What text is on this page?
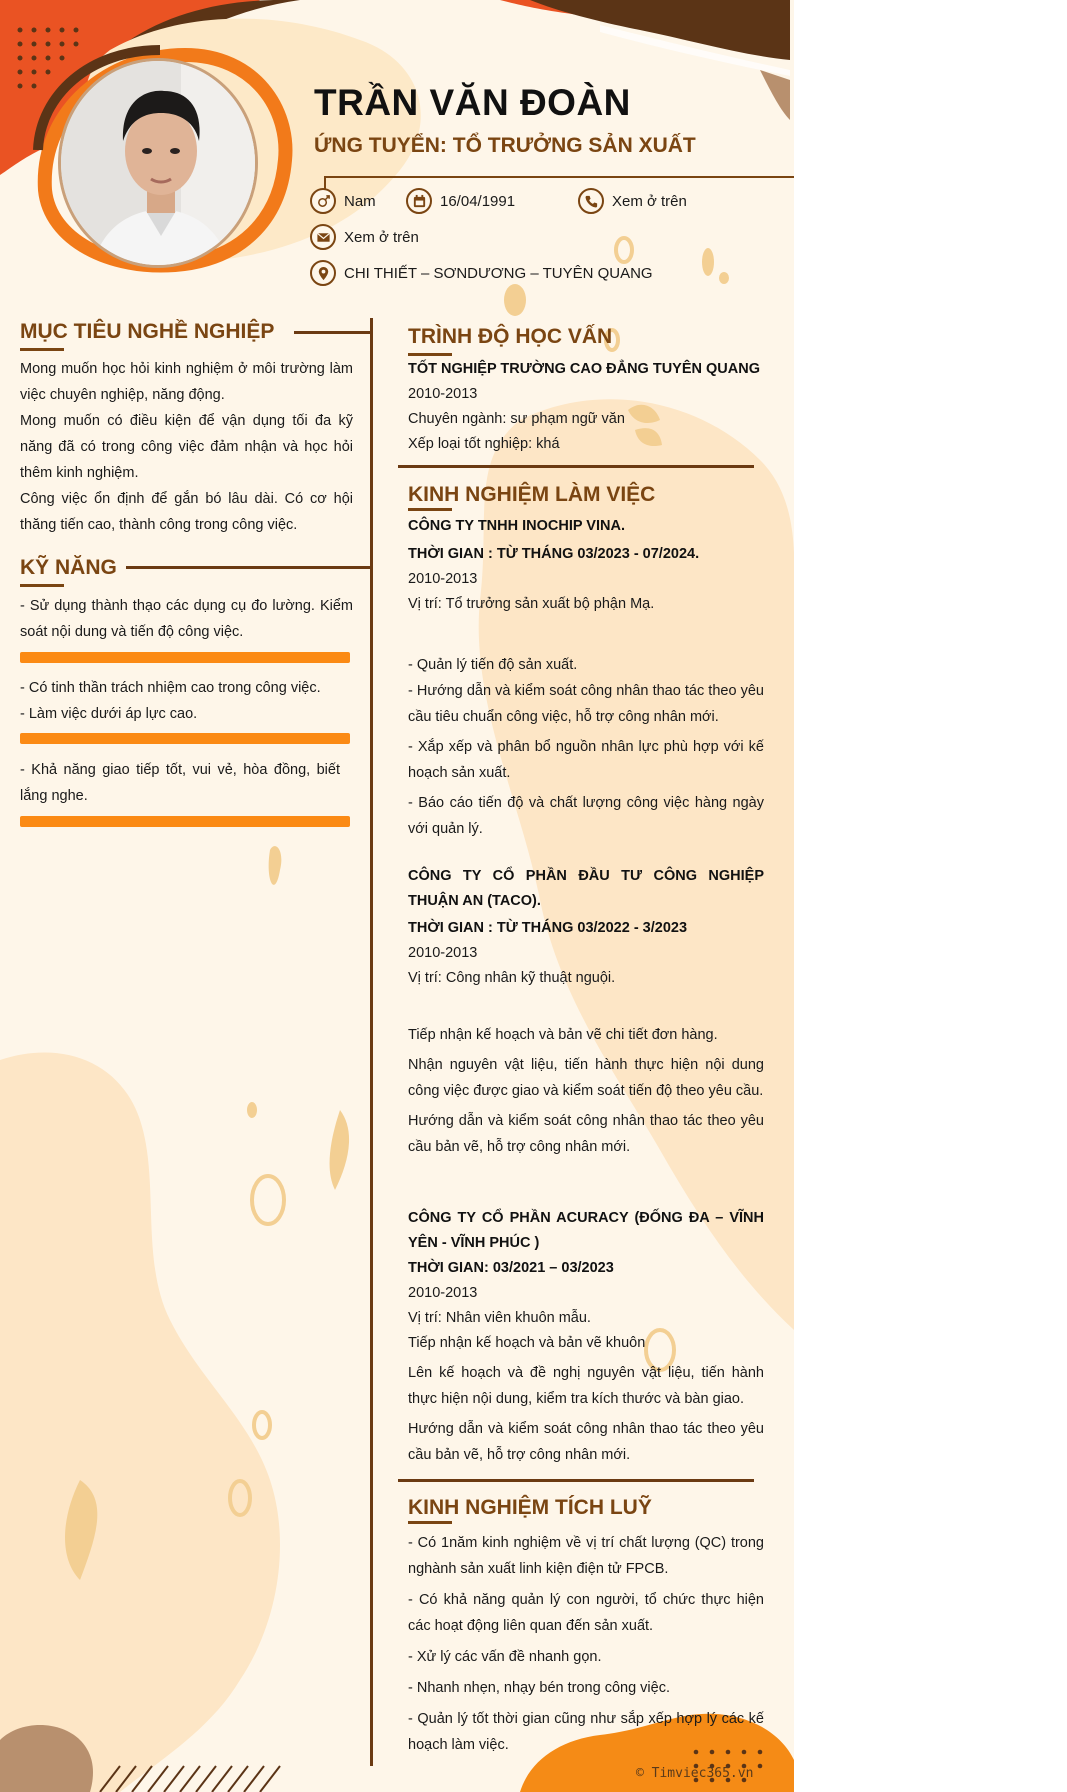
TRẦN VĂN ĐOÀN
ỨNG TUYỂN: TỔ TRƯỞNG SẢN XUẤT
Nam	16/04/1991	Xem ở trên
Xem ở trên
CHI THIẾT – SƠNDƯƠNG – TUYÊN QUANG
MỤC TIÊU NGHỀ NGHIỆP

Mong muốn học hỏi kinh nghiệm ở môi trường làm việc chuyên nghiệp, năng động.

Mong muốn có điều kiện để vận dụng tối đa kỹ năng đã có trong công việc đảm nhận và học hỏi thêm kinh nghiệm.

Công việc ổn định để gắn bó lâu dài. Có cơ hội thăng tiến cao, thành công trong công việc.

KỸ NĂNG
- Sử dụng thành thạo các dụng cụ đo lường. Kiểm soát nội dung và tiến độ công việc.
- Có tinh thần trách nhiệm cao trong công việc.
- Làm việc dưới áp lực cao.
- Khả năng giao tiếp tốt, vui vẻ, hòa đồng, biết lắng nghe.
TRÌNH ĐỘ HỌC VẤN
TỐT NGHIỆP TRƯỜNG CAO ĐẲNG TUYÊN QUANG
2010-2013
Chuyên ngành: sư phạm ngữ văn
Xếp loại tốt nghiệp: khá
KINH NGHIỆM LÀM VIỆC
CÔNG TY TNHH INOCHIP VINA.
THỜI GIAN : TỪ THÁNG 03/2023 - 07/2024.
2010-2013
Vị trí: Tổ trưởng sản xuất bộ phận Mạ.
- Quản lý tiến độ sản xuất.
- Hướng dẫn và kiểm soát công nhân thao tác theo yêu cầu tiêu chuẩn công việc, hỗ trợ công nhân mới.
- Xắp xếp và phân bổ nguồn nhân lực phù hợp với kế hoạch sản xuất.
- Báo cáo tiến độ và chất lượng công việc hàng ngày với quản lý.
CÔNG TY CỔ PHẦN ĐẦU TƯ CÔNG NGHIỆP THUẬN AN (TACO).
THỜI GIAN : TỪ THÁNG 03/2022 - 3/2023
2010-2013
Vị trí: Công nhân kỹ thuật nguội.
Tiếp nhận kế hoạch và bản vẽ chi tiết đơn hàng.
Nhận nguyên vật liệu, tiến hành thực hiện nội dung công việc được giao và kiểm soát tiến độ theo yêu cầu.
Hướng dẫn và kiểm soát công nhân thao tác theo yêu cầu bản vẽ, hỗ trợ công nhân mới.
CÔNG TY CỔ PHẦN ACURACY (ĐỐNG ĐA – VĨNH YÊN - VĨNH PHÚC )
THỜI GIAN: 03/2021 – 03/2023
2010-2013
Vị trí: Nhân viên khuôn mẫu.
Tiếp nhận kế hoạch và bản vẽ khuôn
Lên kế hoạch và đề nghị nguyên vật liệu, tiến hành thực hiện nội dung, kiểm tra kích thước và bàn giao.
Hướng dẫn và kiểm soát công nhân thao tác theo yêu cầu bản vẽ, hỗ trợ công nhân mới.
KINH NGHIỆM TÍCH LUỸ
- Có 1năm kinh nghiệm về vị trí chất lượng (QC) trong nghành sản xuất linh kiện điện tử FPCB.
- Có khả năng quản lý con người, tổ chức thực hiện các hoạt động liên quan đến sản xuất.
- Xử lý các vấn đề nhanh gọn.
- Nhanh nhẹn, nhạy bén trong công việc.
- Quản lý tốt thời gian cũng như sắp xếp hợp lý các kế hoạch làm việc.
© Timviec365.vn
